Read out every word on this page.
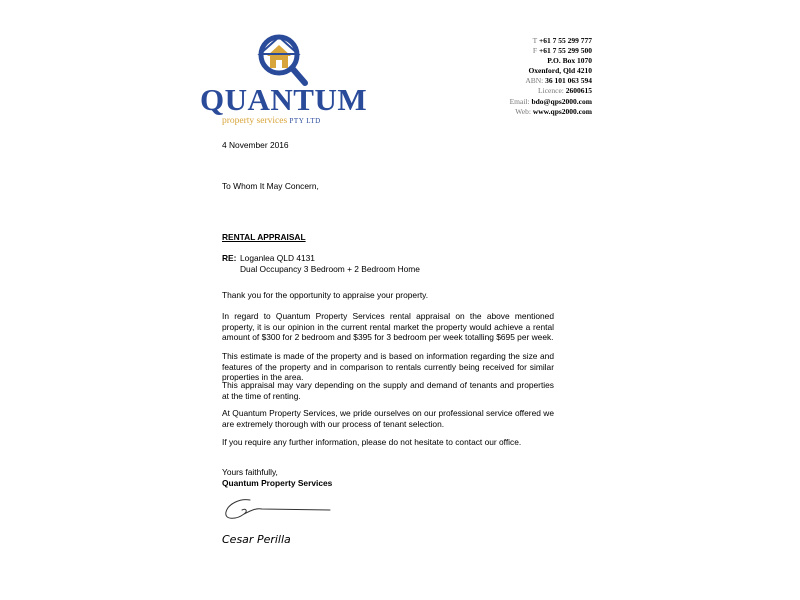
QUANTUM
property services PTY LTD
T +61 7 55 299 777
F +61 7 55 299 500
P.O. Box 1070
Oxenford, Qld 4210
ABN: 36 101 063 594
Licence: 2600615
Email: bdo@qps2000.com
Web: www.qps2000.com
4 November 2016
To Whom It May Concern,
RENTAL APPRAISAL
RE: Loganlea QLD 4131
Dual Occupancy 3 Bedroom + 2 Bedroom Home
Thank you for the opportunity to appraise your property.
In regard to Quantum Property Services rental appraisal on the above mentioned property, it is our opinion in the current rental market the property would achieve a rental amount of $300 for 2 bedroom and $395 for 3 bedroom per week totalling $695 per week.
This estimate is made of the property and is based on information regarding the size and features of the property and in comparison to rentals currently being received for similar properties in the area.
This appraisal may vary depending on the supply and demand of tenants and properties at the time of renting.
At Quantum Property Services, we pride ourselves on our professional service offered we are extremely thorough with our process of tenant selection.
If you require any further information, please do not hesitate to contact our office.
Yours faithfully,
Quantum Property Services
Cesar Perilla
